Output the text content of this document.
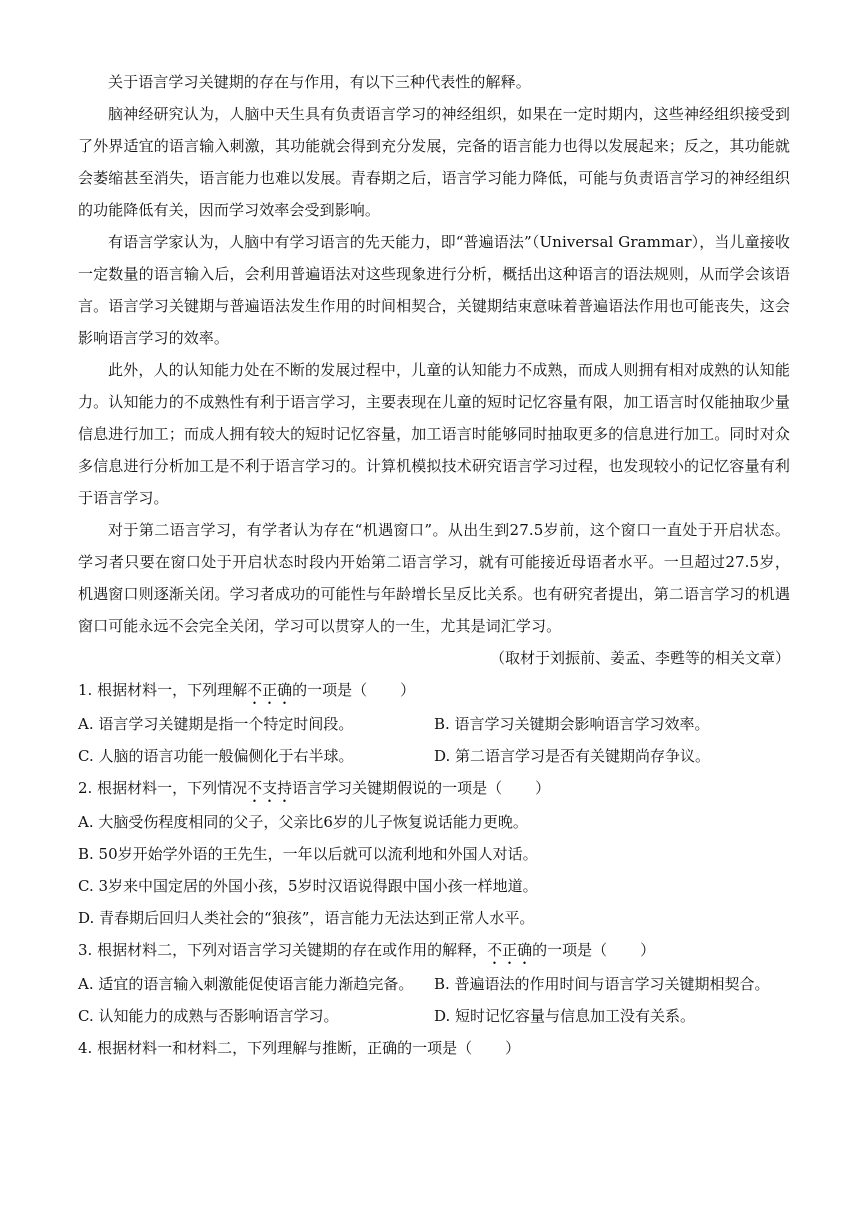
关于语言学习关键期的存在与作用，有以下三种代表性的解释。

脑神经研究认为，人脑中天生具有负责语言学习的神经组织，如果在一定时期内，这些神经组织接受到了外界适宜的语言输入刺激，其功能就会得到充分发展，完备的语言能力也得以发展起来；反之，其功能就会萎缩甚至消失，语言能力也难以发展。青春期之后，语言学习能力降低，可能与负责语言学习的神经组织的功能降低有关，因而学习效率会受到影响。

有语言学家认为，人脑中有学习语言的先天能力，即“普遍语法”（Universal Grammar），当儿童接收一定数量的语言输入后，会利用普遍语法对这些现象进行分析，概括出这种语言的语法规则，从而学会该语言。语言学习关键期与普遍语法发生作用的时间相契合，关键期结束意味着普遍语法作用也可能丧失，这会影响语言学习的效率。

此外，人的认知能力处在不断的发展过程中，儿童的认知能力不成熟，而成人则拥有相对成熟的认知能力。认知能力的不成熟性有利于语言学习，主要表现在儿童的短时记忆容量有限，加工语言时仅能抽取少量信息进行加工；而成人拥有较大的短时记忆容量，加工语言时能够同时抽取更多的信息进行加工。同时对众多信息进行分析加工是不利于语言学习的。计算机模拟技术研究语言学习过程，也发现较小的记忆容量有利于语言学习。

对于第二语言学习，有学者认为存在“机遇窗口”。从出生到27.5岁前，这个窗口一直处于开启状态。学习者只要在窗口处于开启状态时段内开始第二语言学习，就有可能接近母语者水平。一旦超过27.5岁，机遇窗口则逐渐关闭。学习者成功的可能性与年龄增长呈反比关系。也有研究者提出，第二语言学习的机遇窗口可能永远不会完全关闭，学习可以贯穿人的一生，尤其是词汇学习。

（取材于刘振前、姜孟、李甦等的相关文章）

1. 根据材料一，下列理解不正确的一项是（ ）

A. 语言学习关键期是指一个特定时间段。	B. 语言学习关键期会影响语言学习效率。
C. 人脑的语言功能一般偏侧化于右半球。	D. 第二语言学习是否有关键期尚存争议。

2. 根据材料一，下列情况不支持语言学习关键期假说的一项是（ ）

A. 大脑受伤程度相同的父子，父亲比6岁的儿子恢复说话能力更晚。

B. 50岁开始学外语的王先生，一年以后就可以流利地和外国人对话。

C. 3岁来中国定居的外国小孩，5岁时汉语说得跟中国小孩一样地道。

D. 青春期后回归人类社会的“狼孩”，语言能力无法达到正常人水平。

3. 根据材料二，下列对语言学习关键期的存在或作用的解释，不正确的一项是（ ）

A. 适宜的语言输入刺激能促使语言能力渐趋完备。	B. 普遍语法的作用时间与语言学习关键期相契合。
C. 认知能力的成熟与否影响语言学习。	D. 短时记忆容量与信息加工没有关系。

4. 根据材料一和材料二，下列理解与推断，正确的一项是（ ）
